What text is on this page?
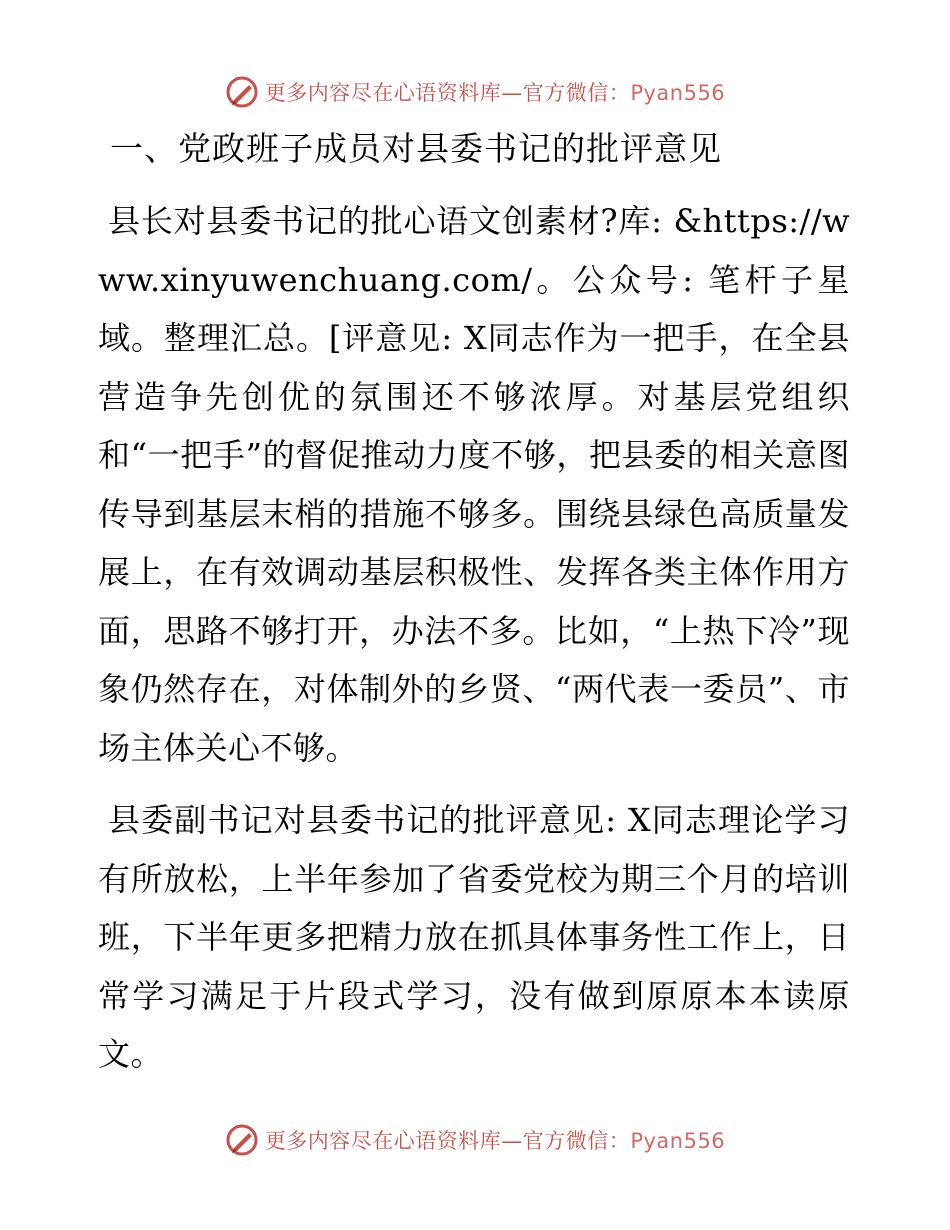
更多内容尽在心语资料库—官方微信：Pyan556
一、党政班子成员对县委书记的批评意见

县长对县委书记的批心语文创素材?库: &https://www.xinyuwenchuang.com/。公众号: 笔杆子星域。整理汇总。[评意见: X同志作为一把手，在全县营造争先创优的氛围还不够浓厚。对基层党组织和“一把手”的督促推动力度不够，把县委的相关意图传导到基层末梢的措施不够多。围绕县绿色高质量发展上，在有效调动基层积极性、发挥各类主体作用方面，思路不够打开，办法不多。比如，“上热下冷”现象仍然存在，对体制外的乡贤、“两代表一委员”、市场主体关心不够。

县委副书记对县委书记的批评意见: X同志理论学习有所放松，上半年参加了省委党校为期三个月的培训班，下半年更多把精力放在抓具体事务性工作上，日常学习满足于片段式学习，没有做到原原本本读原文。

更多内容尽在心语资料库—官方微信：Pyan556
